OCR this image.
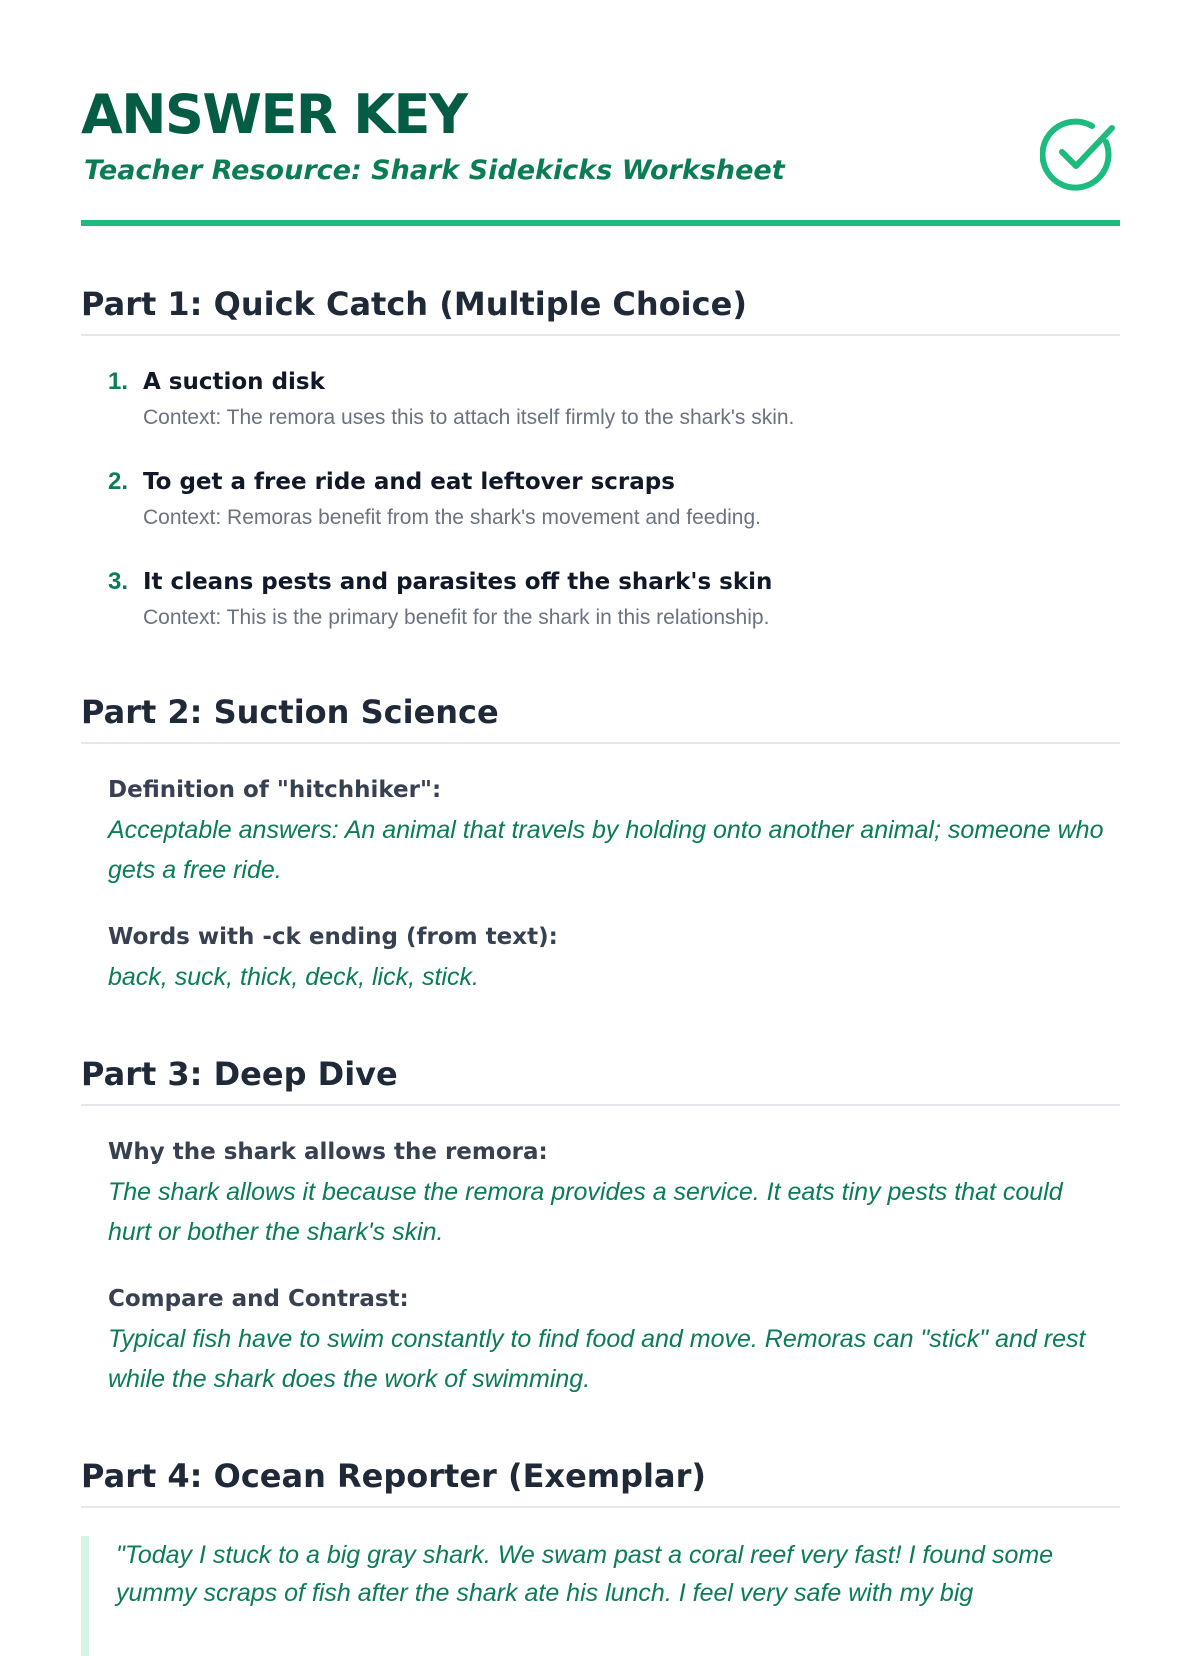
ANSWER KEY

Teacher Resource: Shark Sidekicks Worksheet

Part 1: Quick Catch (Multiple Choice)
1. A suction disk
Context: The remora uses this to attach itself firmly to the shark's skin.
2. To get a free ride and eat leftover scraps
Context: Remoras benefit from the shark's movement and feeding.
3. It cleans pests and parasites off the shark's skin
Context: This is the primary benefit for the shark in this relationship.
Part 2: Suction Science

Definition of "hitchhiker":

Acceptable answers: An animal that travels by holding onto another animal; someone who gets a free ride.

Words with -ck ending (from text):

back, suck, thick, deck, lick, stick.

Part 3: Deep Dive

Why the shark allows the remora:

The shark allows it because the remora provides a service. It eats tiny pests that could hurt or bother the shark's skin.

Compare and Contrast:

Typical fish have to swim constantly to find food and move. Remoras can "stick" and rest while the shark does the work of swimming.

Part 4: Ocean Reporter (Exemplar)

"Today I stuck to a big gray shark. We swam past a coral reef very fast! I found some yummy scraps of fish after the shark ate his lunch. I feel very safe with my big
